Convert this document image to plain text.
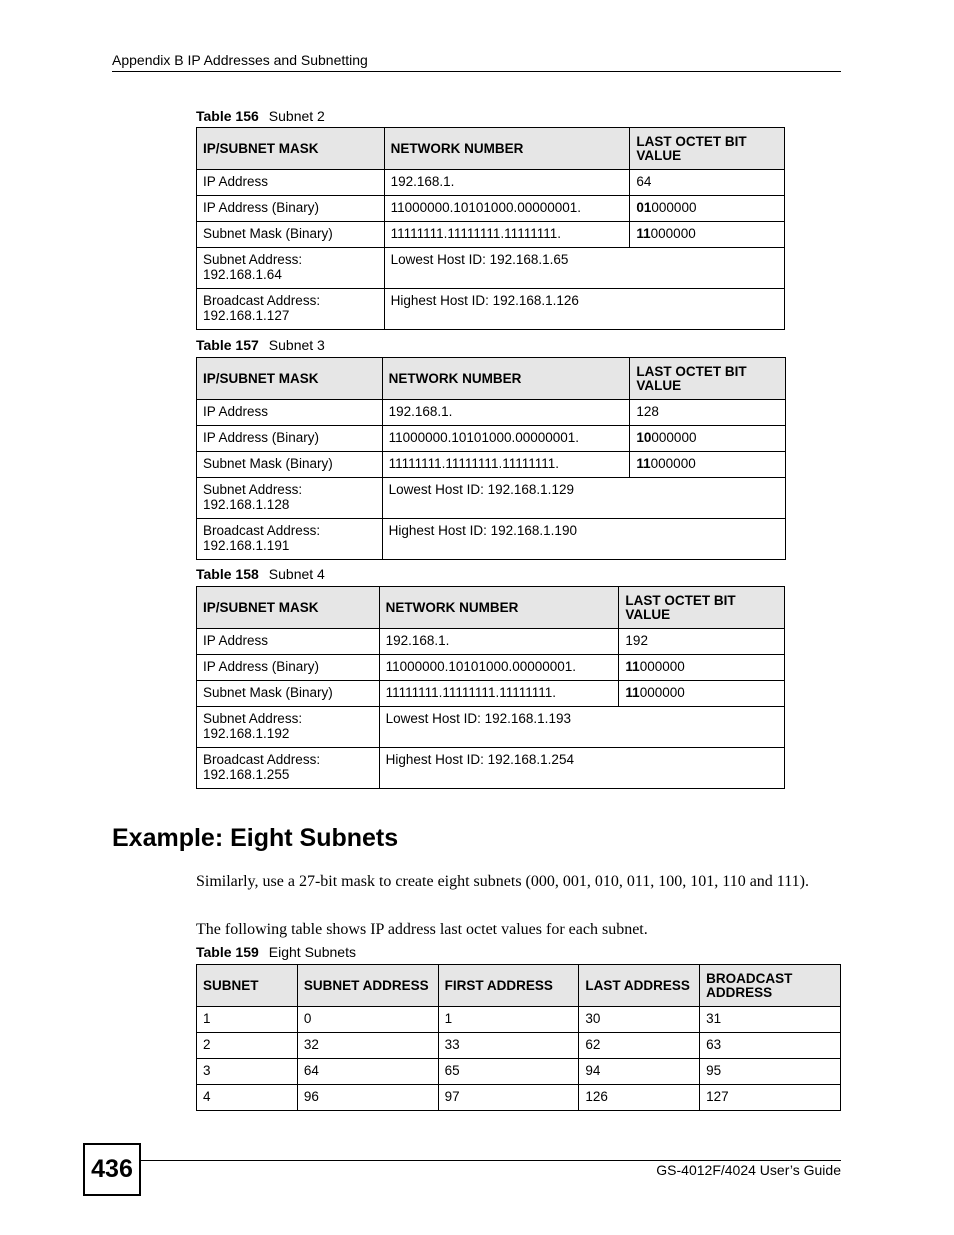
Appendix B IP Addresses and Subnetting
Table 156 Subnet 2
IP/SUBNET MASK	NETWORK NUMBER	LAST OCTET BIT VALUE
IP Address	192.168.1.	64
IP Address (Binary)	11000000.10101000.00000001.	01000000
Subnet Mask (Binary)	11111111.11111111.11111111.	11000000
Subnet Address: 192.168.1.64	Lowest Host ID: 192.168.1.65	
Broadcast Address: 192.168.1.127	Highest Host ID: 192.168.1.126	
Table 157 Subnet 3
IP/SUBNET MASK	NETWORK NUMBER	LAST OCTET BIT VALUE
IP Address	192.168.1.	128
IP Address (Binary)	11000000.10101000.00000001.	10000000
Subnet Mask (Binary)	11111111.11111111.11111111.	11000000
Subnet Address: 192.168.1.128	Lowest Host ID: 192.168.1.129	
Broadcast Address: 192.168.1.191	Highest Host ID: 192.168.1.190	
Table 158 Subnet 4
IP/SUBNET MASK	NETWORK NUMBER	LAST OCTET BIT VALUE
IP Address	192.168.1.	192
IP Address (Binary)	11000000.10101000.00000001.	11000000
Subnet Mask (Binary)	11111111.11111111.11111111.	11000000
Subnet Address: 192.168.1.192	Lowest Host ID: 192.168.1.193	
Broadcast Address: 192.168.1.255	Highest Host ID: 192.168.1.254	
Example: Eight Subnets
Similarly, use a 27-bit mask to create eight subnets (000, 001, 010, 011, 100, 101, 110 and 111).
The following table shows IP address last octet values for each subnet.
Table 159 Eight Subnets
SUBNET	SUBNET ADDRESS	FIRST ADDRESS	LAST ADDRESS	BROADCAST ADDRESS
1	0	1	30	31
2	32	33	62	63
3	64	65	94	95
4	96	97	126	127
436	GS-4012F/4024 User’s Guide
